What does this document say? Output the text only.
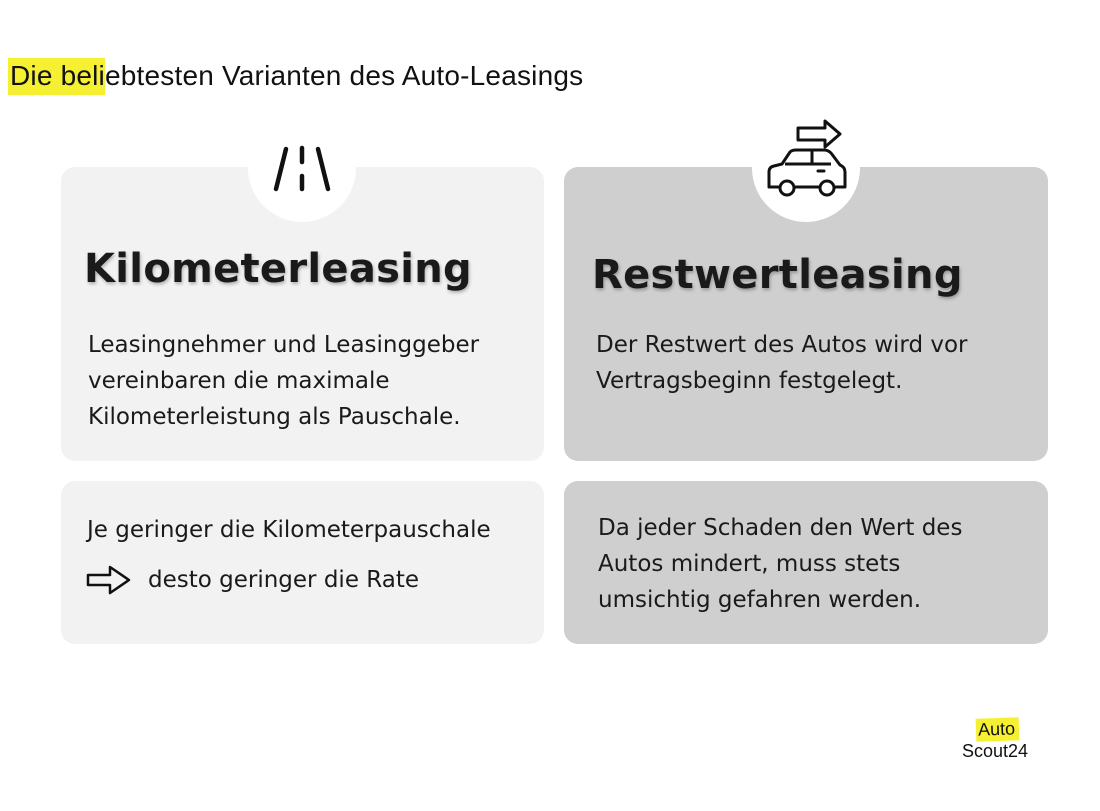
Die beliebtesten Varianten des Auto-Leasings
Kilometerleasing
Leasingnehmer und Leasinggeber vereinbaren die maximale Kilometerleistung als Pauschale.
Restwertleasing
Der Restwert des Autos wird vor Vertragsbeginn festgelegt.
Je geringer die Kilometerpauschale
desto geringer die Rate
Da jeder Schaden den Wert des Autos mindert, muss stets umsichtig gefahren werden.
Auto
Scout24
